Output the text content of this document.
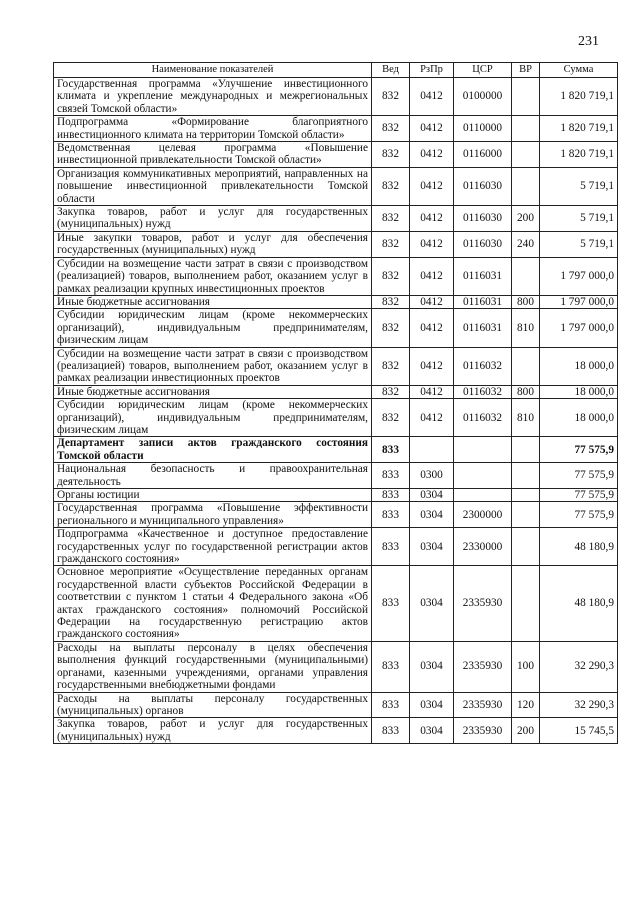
231
Наименование показателей	Вед	РзПр	ЦСР	ВР	Сумма
Государственная программа «Улучшение инвестиционного климата и укрепление международных и межрегиональных связей Томской области»	832	0412	0100000		1 820 719,1
Подпрограмма «Формирование благоприятного инвестиционного климата на территории Томской области»	832	0412	0110000		1 820 719,1
Ведомственная целевая программа «Повышение инвестиционной привлекательности Томской области»	832	0412	0116000		1 820 719,1
Организация коммуникативных мероприятий, направленных на повышение инвестиционной привлекательности Томской области	832	0412	0116030		5 719,1
Закупка товаров, работ и услуг для государственных (муниципальных) нужд	832	0412	0116030	200	5 719,1
Иные закупки товаров, работ и услуг для обеспечения государственных (муниципальных) нужд	832	0412	0116030	240	5 719,1
Субсидии на возмещение части затрат в связи с производством (реализацией) товаров, выполнением работ, оказанием услуг в рамках реализации крупных инвестиционных проектов	832	0412	0116031		1 797 000,0
Иные бюджетные ассигнования	832	0412	0116031	800	1 797 000,0
Субсидии юридическим лицам (кроме некоммерческих организаций), индивидуальным предпринимателям, физическим лицам	832	0412	0116031	810	1 797 000,0
Субсидии на возмещение части затрат в связи с производством (реализацией) товаров, выполнением работ, оказанием услуг в рамках реализации инвестиционных проектов	832	0412	0116032		18 000,0
Иные бюджетные ассигнования	832	0412	0116032	800	18 000,0
Субсидии юридическим лицам (кроме некоммерческих организаций), индивидуальным предпринимателям, физическим лицам	832	0412	0116032	810	18 000,0
Департамент записи актов гражданского состояния Томской области	833				77 575,9
Национальная безопасность и правоохранительная деятельность	833	0300			77 575,9
Органы юстиции	833	0304			77 575,9
Государственная программа «Повышение эффективности регионального и муниципального управления»	833	0304	2300000		77 575,9
Подпрограмма «Качественное и доступное предоставление государственных услуг по государственной регистрации актов гражданского состояния»	833	0304	2330000		48 180,9
Основное мероприятие «Осуществление переданных органам государственной власти субъектов Российской Федерации в соответствии с пунктом 1 статьи 4 Федерального закона «Об актах гражданского состояния» полномочий Российской Федерации на государственную регистрацию актов гражданского состояния»	833	0304	2335930		48 180,9
Расходы на выплаты персоналу в целях обеспечения выполнения функций государственными (муниципальными) органами, казенными учреждениями, органами управления государственными внебюджетными фондами	833	0304	2335930	100	32 290,3
Расходы на выплаты персоналу государственных (муниципальных) органов	833	0304	2335930	120	32 290,3
Закупка товаров, работ и услуг для государственных (муниципальных) нужд	833	0304	2335930	200	15 745,5
